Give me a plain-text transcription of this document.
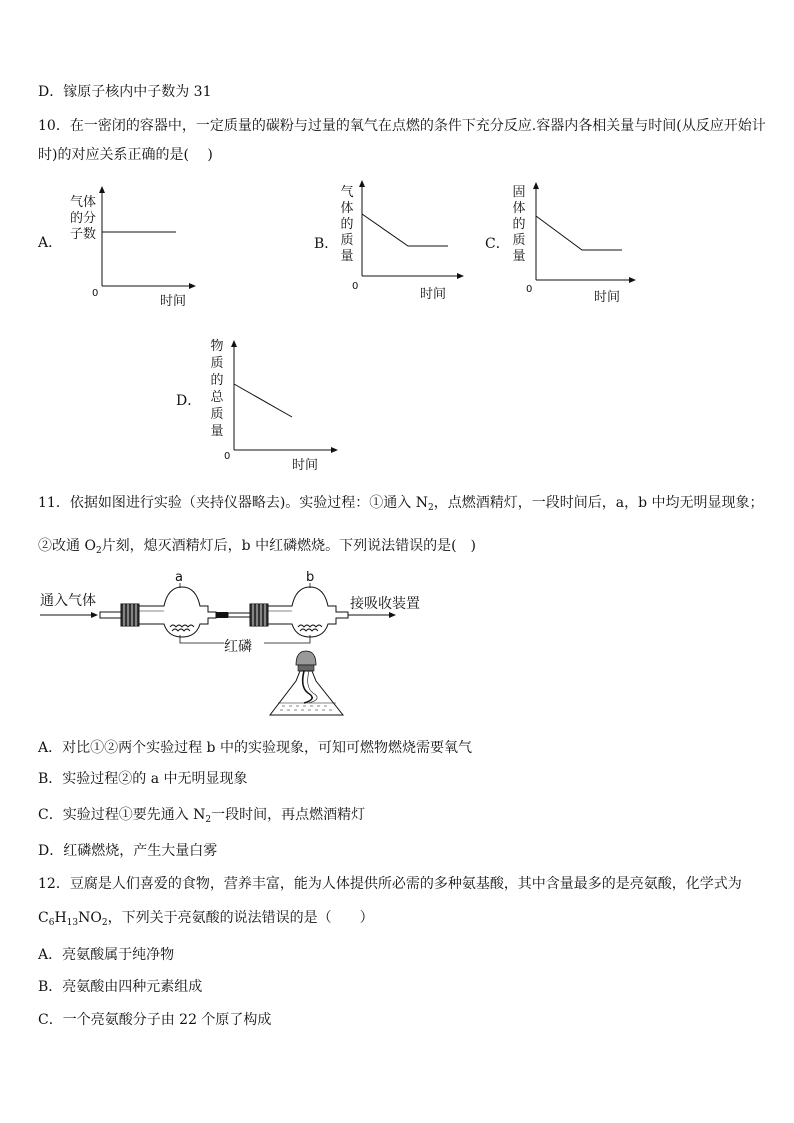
D．镓原子核内中子数为 31
10．在一密闭的容器中，一定质量的碳粉与过量的氧气在点燃的条件下充分反应.容器内各相关量与时间(从反应开始计
时)的对应关系正确的是(　 )
A．
气体
的分
子数
0
时间
B．
气
体
的
质
量
0
时间
C．
固
体
的
质
量
0
时间
D．
物
质
的
总
质
量
0
时间
11．依据如图进行实验（夹持仪器略去)。实验过程：①通入 $N_2$，点燃酒精灯，一段时间后，a，b 中均无明显现象；
②改通 $O_2$片刻，熄灭酒精灯后，b 中红磷燃烧。下列说法错误的是(　)
通入气体	接吸收装置
a	b
红磷
A．对比①②两个实验过程 b 中的实验现象，可知可燃物燃烧需要氧气
B．实验过程②的 a 中无明显现象
C．实验过程①要先通入 $N_2$一段时间，再点燃酒精灯
D．红磷燃烧，产生大量白雾
12．豆腐是人们喜爱的食物，营养丰富，能为人体提供所必需的多种氨基酸，其中含量最多的是亮氨酸，化学式为
$C_6H_{13}NO_2$，下列关于亮氨酸的说法错误的是（　　）
A．亮氨酸属于纯净物
B．亮氨酸由四种元素组成
C．一个亮氨酸分子由 22 个原了构成
